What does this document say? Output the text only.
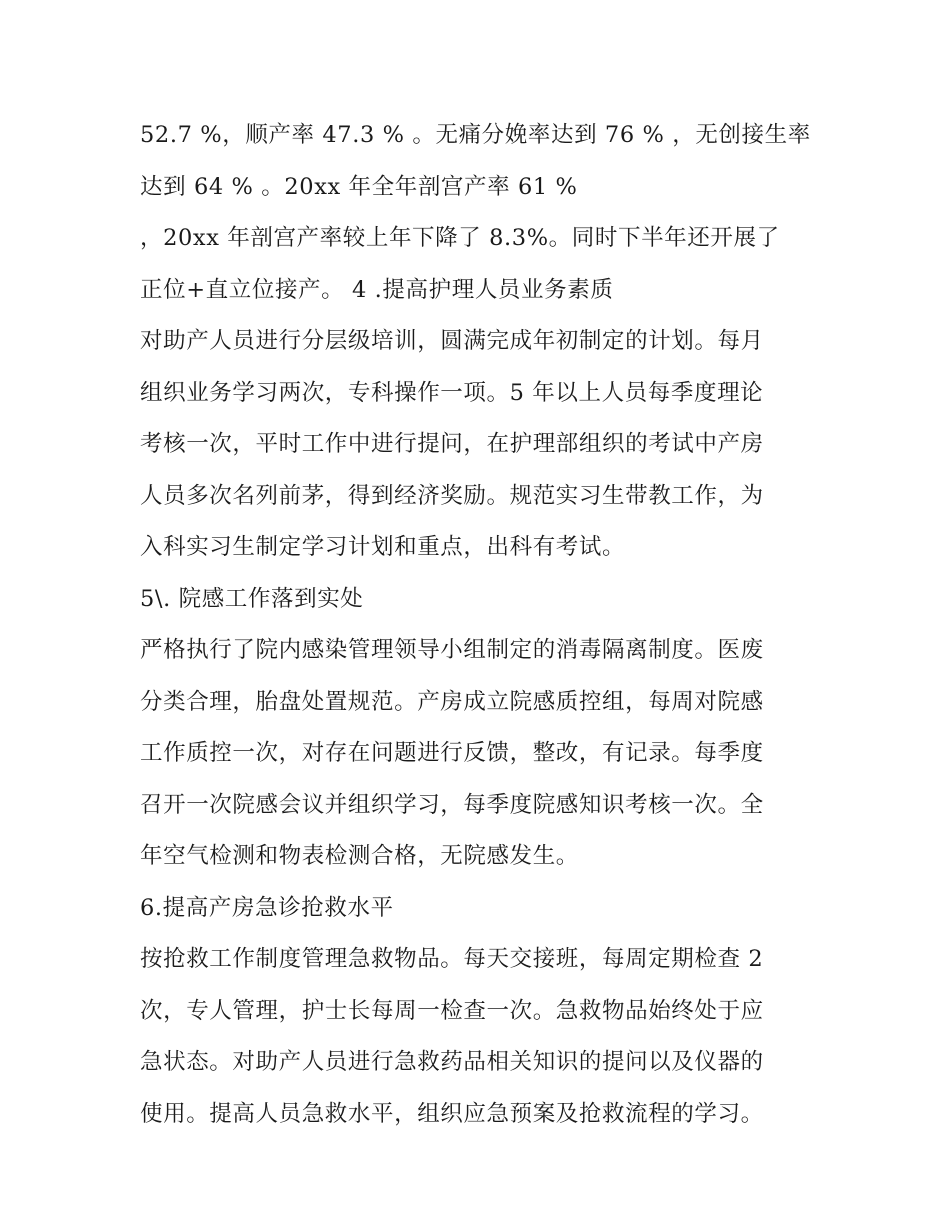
52.7 %，顺产率 47.3 % 。无痛分娩率达到 76 % ，无创接生率
达到 64 % 。20xx 年全年剖宫产率 61 %
，20xx 年剖宫产率较上年下降了 8.3%。同时下半年还开展了
正位+直立位接产。 4 .提高护理人员业务素质
对助产人员进行分层级培训，圆满完成年初制定的计划。每月
组织业务学习两次，专科操作一项。5 年以上人员每季度理论
考核一次，平时工作中进行提问，在护理部组织的考试中产房
人员多次名列前茅，得到经济奖励。规范实习生带教工作，为
入科实习生制定学习计划和重点，出科有考试。
5\. 院感工作落到实处
严格执行了院内感染管理领导小组制定的消毒隔离制度。医废
分类合理，胎盘处置规范。产房成立院感质控组，每周对院感
工作质控一次，对存在问题进行反馈，整改，有记录。每季度
召开一次院感会议并组织学习，每季度院感知识考核一次。全
年空气检测和物表检测合格，无院感发生。
6.提高产房急诊抢救水平
按抢救工作制度管理急救物品。每天交接班，每周定期检查 2
次，专人管理，护士长每周一检查一次。急救物品始终处于应
急状态。对助产人员进行急救药品相关知识的提问以及仪器的
使用。提高人员急救水平，组织应急预案及抢救流程的学习。
